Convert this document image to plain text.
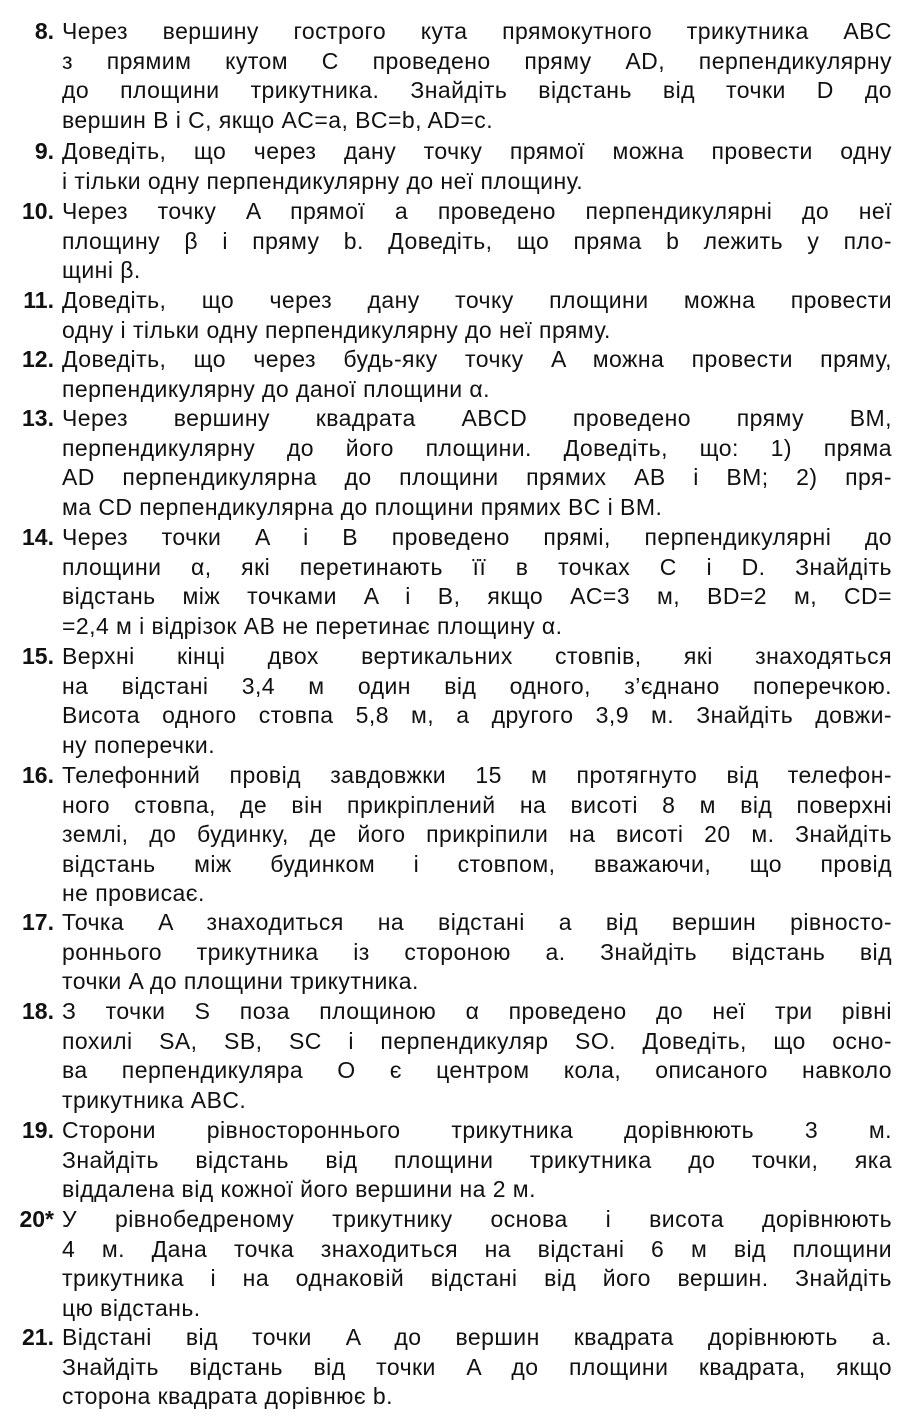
8. Через вершину гострого кута прямокутного трикутника ABC
з прямим кутом C проведено пряму AD, перпендикулярну
до площини трикутника. Знайдіть відстань від точки D до
вершин B і C, якщо AC=a, BC=b, AD=c.
9. Доведіть, що через дану точку прямої можна провести одну
і тільки одну перпендикулярну до неї площину.
10. Через точку A прямої a проведено перпендикулярні до неї
площину β і пряму b. Доведіть, що пряма b лежить у пло-
щині β.
11. Доведіть, що через дану точку площини можна провести
одну і тільки одну перпендикулярну до неї пряму.
12. Доведіть, що через будь-яку точку A можна провести пряму,
перпендикулярну до даної площини α.
13. Через вершину квадрата ABCD проведено пряму BM,
перпендикулярну до його площини. Доведіть, що: 1) пряма
AD перпендикулярна до площини прямих AB і BM; 2) пря-
ма CD перпендикулярна до площини прямих BC і BM.
14. Через точки A і B проведено прямі, перпендикулярні до
площини α, які перетинають її в точках C і D. Знайдіть
відстань між точками A і B, якщо AC=3 м, BD=2 м, CD=
=2,4 м і відрізок AB не перетинає площину α.
15. Верхні кінці двох вертикальних стовпів, які знаходяться
на відстані 3,4 м один від одного, з’єднано поперечкою.
Висота одного стовпа 5,8 м, а другого 3,9 м. Знайдіть довжи-
ну поперечки.
16. Телефонний провід завдовжки 15 м протягнуто від телефон-
ного стовпа, де він прикріплений на висоті 8 м від поверхні
землі, до будинку, де його прикріпили на висоті 20 м. Знайдіть
відстань між будинком і стовпом, вважаючи, що провід
не провисає.
17. Точка A знаходиться на відстані a від вершин рівносто-
роннього трикутника із стороною a. Знайдіть відстань від
точки A до площини трикутника.
18. З точки S поза площиною α проведено до неї три рівні
похилі SA, SB, SC і перпендикуляр SO. Доведіть, що осно-
ва перпендикуляра O є центром кола, описаного навколо
трикутника ABC.
19. Сторони рівностороннього трикутника дорівнюють 3 м.
Знайдіть відстань від площини трикутника до точки, яка
віддалена від кожної його вершини на 2 м.
20* У рівнобедреному трикутнику основа і висота дорівнюють
4 м. Дана точка знаходиться на відстані 6 м від площини
трикутника і на однаковій відстані від його вершин. Знайдіть
цю відстань.
21. Відстані від точки A до вершин квадрата дорівнюють a.
Знайдіть відстань від точки A до площини квадрата, якщо
сторона квадрата дорівнює b.
